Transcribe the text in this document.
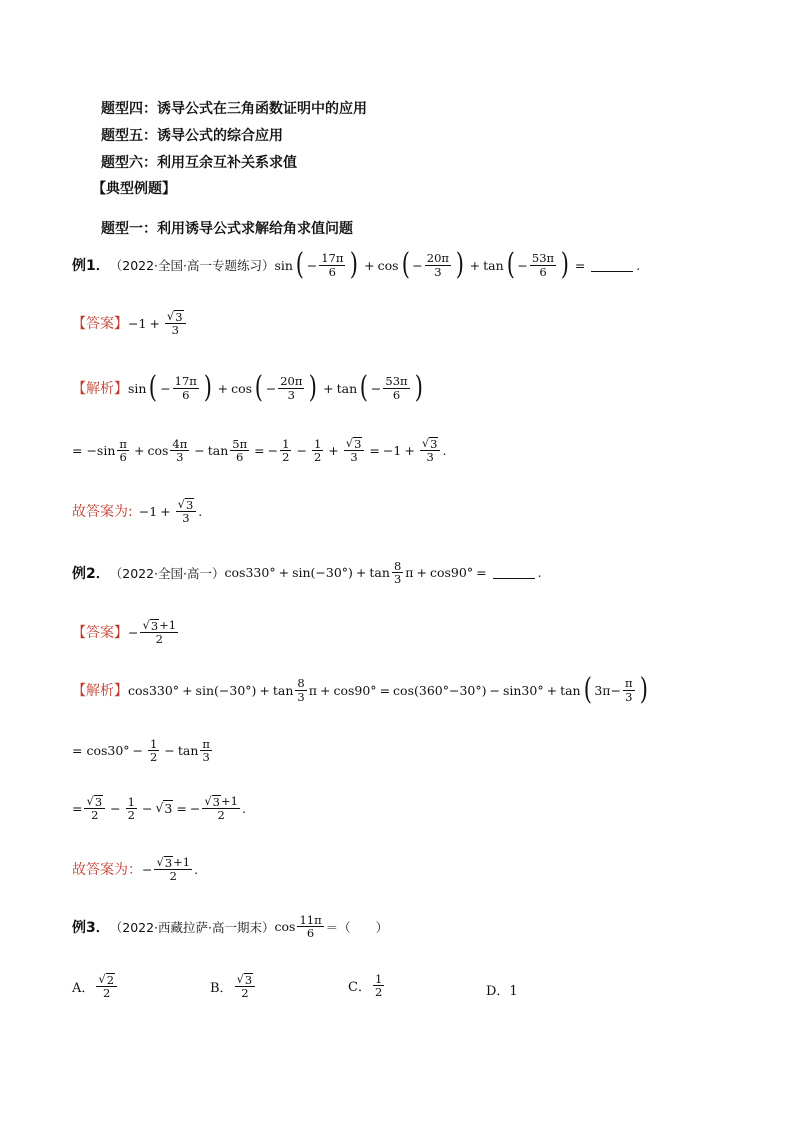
题型四：诱导公式在三角函数证明中的应用
题型五：诱导公式的综合应用
题型六：利用互余互补关系求值
【典型例题】
题型一：利用诱导公式求解给角求值问题
例1． （2022·全国·高一专题练习） sin ( − $\frac{17\pi}{6}$ ) + cos ( − $\frac{20\pi}{3}$ ) + tan ( − $\frac{53\pi}{6}$ ) =	.
【答案】 $-1 + \frac{√ 3}{3}$
【解析】 sin ( − $\frac{17\pi}{6}$ ) + cos ( − $\frac{20\pi}{3}$ ) + tan ( − $\frac{53\pi}{6}$ )
= $-\sin \frac{\pi}{6} + \cos \frac{4\pi}{3} - \tan \frac{5\pi}{6}$ = − $\frac{1}{2} - \frac{1}{2} + \frac{√ 3}{3} = -1 + \frac{√ 3}{3}$ .
故答案为: $-1 + \frac{√ 3}{3}$ .
例2． （2022·全国·高一） $\cos 330^\circ + \sin(-30^\circ) + \tan \frac{8}{3}$ π + cos90° =	.
【答案】 − $\frac{√ 3 +1}{2}$
【解析】 $\cos 330^\circ + \sin(-30^\circ) + \tan \frac{8}{3}$ π + cos90° = cos(360°−30°) − sin30° + tan ( $3\pi- \frac{\pi}{3}$ )
= $\cos 30^\circ - \frac{1}{2} - \tan \frac{\pi}{3}$
= $\frac{√ 3}{2} - \frac{1}{2}$ − √ 3 = − $\frac{√ 3 +1}{2}$ .
故答案为： − $\frac{√ 3 +1}{2}$ .
例3． （2022·西藏拉萨·高一期末） $\cos \frac{11\pi}{6}$ ＝（　　）
A． $\frac{√ 2}{2}$	B． $\frac{√ 3}{2}$	C． $\frac{1}{2}$	D．1
